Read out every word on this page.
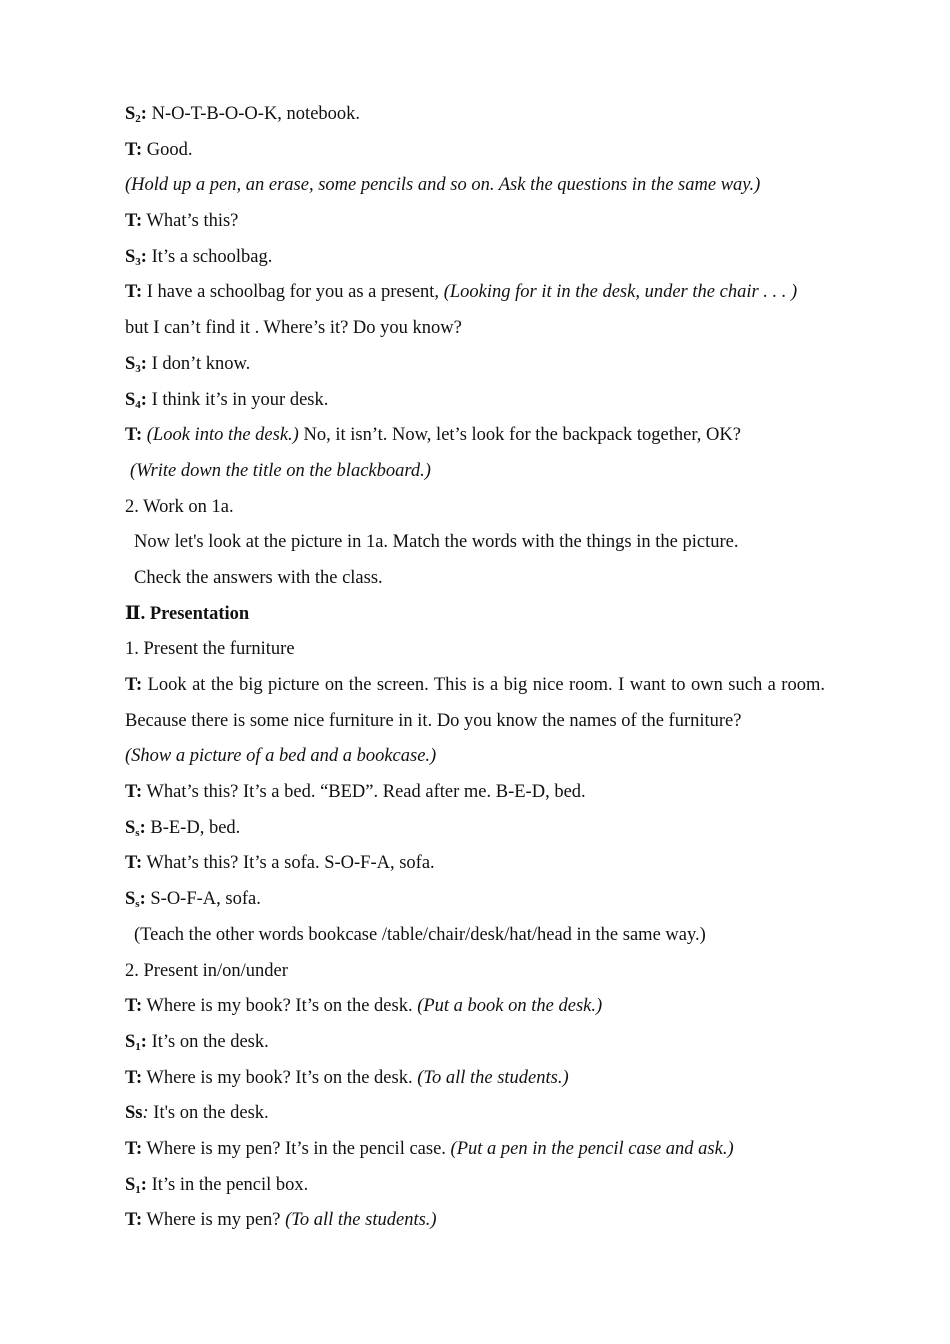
$S_2$: N-O-T-B-O-O-K, notebook.
T: Good.
(Hold up a pen, an erase, some pencils and so on. Ask the questions in the same way.)
T: What’s this?
$S_3$: It’s a schoolbag.
T: I have a schoolbag for you as a present, (Looking for it in the desk, under the chair . . . )
but I can’t find it . Where’s it? Do you know?
$S_3$: I don’t know.
$S_4$: I think it’s in your desk.
T: (Look into the desk.) No, it isn’t. Now, let’s look for the backpack together, OK?
(Write down the title on the blackboard.)
2. Work on 1a.
Now let's look at the picture in 1a. Match the words with the things in the picture.
Check the answers with the class.
Ⅱ. Presentation
1. Present the furniture
T: Look at the big picture on the screen. This is a big nice room. I want to own such a room. Because there is some nice furniture in it. Do you know the names of the furniture?
(Show a picture of a bed and a bookcase.)
T: What’s this? It’s a bed. “BED”. Read after me. B-E-D, bed.
$S_s$: B-E-D, bed.
T: What’s this? It’s a sofa. S-O-F-A, sofa.
$S_s$: S-O-F-A, sofa.
(Teach the other words bookcase /table/chair/desk/hat/head in the same way.)
2. Present in/on/under
T: Where is my book? It’s on the desk. (Put a book on the desk.)
$S_1$: It’s on the desk.
T: Where is my book? It’s on the desk. (To all the students.)
Ss: It's on the desk.
T: Where is my pen? It’s in the pencil case. (Put a pen in the pencil case and ask.)
$S_1$: It’s in the pencil box.
T: Where is my pen? (To all the students.)
